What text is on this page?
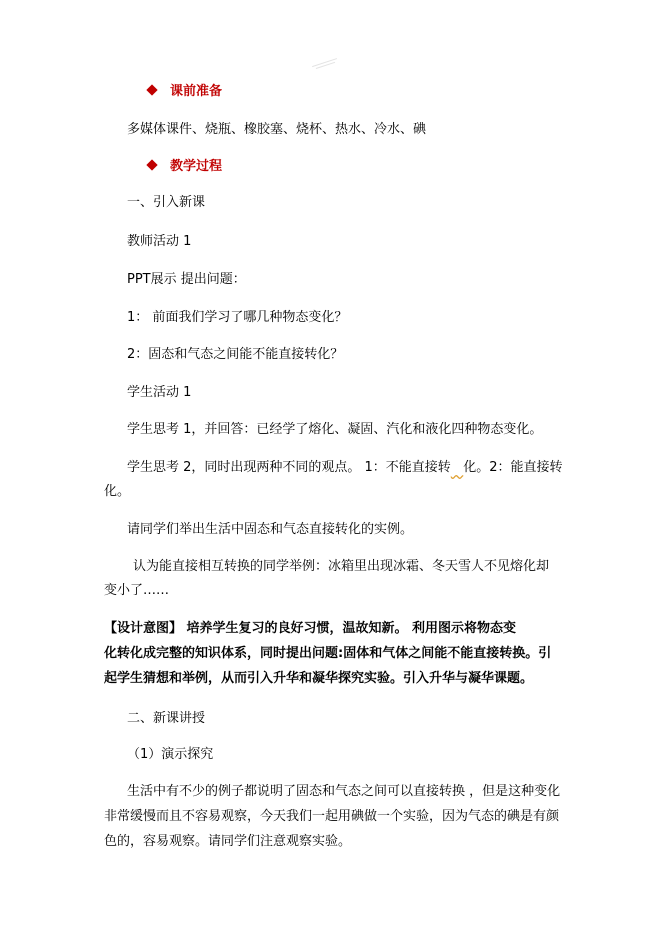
课前准备
多媒体课件、烧瓶、橡胶塞、烧杯、热水、冷水、碘
教学过程
一、引入新课
教师活动 1
PPT展示 提出问题：
1： 前面我们学习了哪几种物态变化？
2：固态和气态之间能不能直接转化？
学生活动 1
学生思考 1，并回答：已经学了熔化、凝固、汽化和液化四种物态变化。
学生思考 2，同时出现两种不同的观点。 1：不能直接转 化。2：能直接转
化。
请同学们举出生活中固态和气态直接转化的实例。
认为能直接相互转换的同学举例：冰箱里出现冰霜、冬天雪人不见熔化却
变小了……
【设计意图】 培养学生复习的良好习惯，温故知新。 利用图示将物态变
化转化成完整的知识体系，同时提出问题:固体和气体之间能不能直接转换。引
起学生猜想和举例，从而引入升华和凝华探究实验。引入升华与凝华课题。
二、新课讲授
（1）演示探究
生活中有不少的例子都说明了固态和气态之间可以直接转换 ，但是这种变化
非常缓慢而且不容易观察，今天我们一起用碘做一个实验，因为气态的碘是有颜
色的，容易观察。请同学们注意观察实验。
